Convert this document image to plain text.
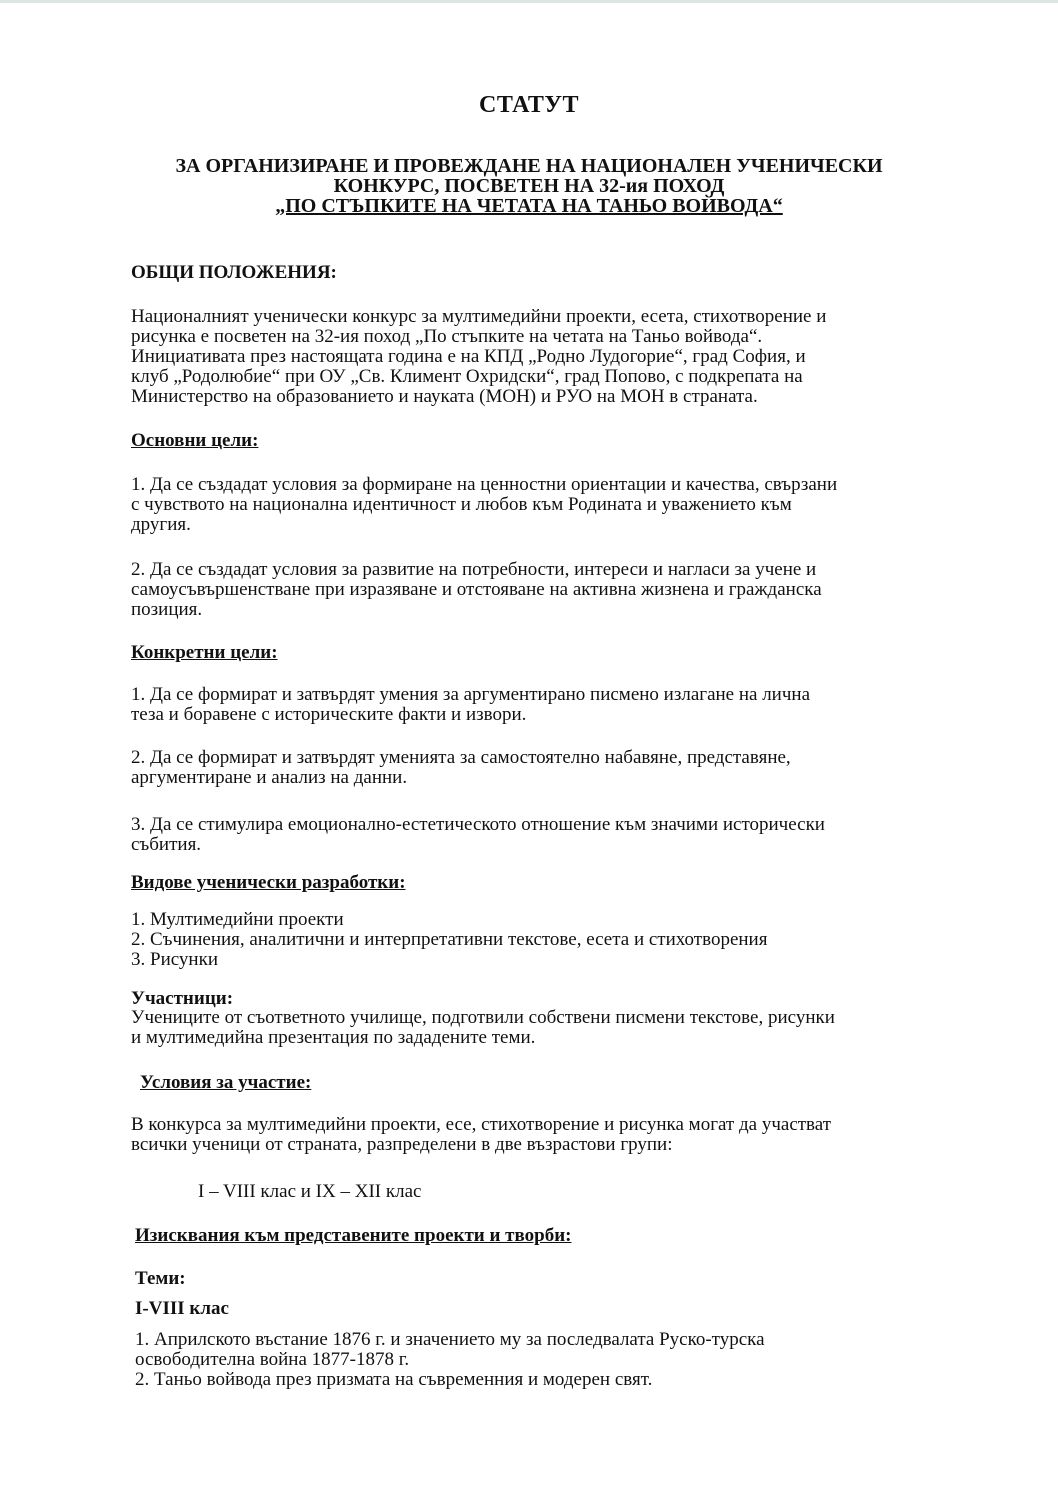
СТАТУТ
ЗА ОРГАНИЗИРАНЕ И ПРОВЕЖДАНЕ НА НАЦИОНАЛЕН УЧЕНИЧЕСКИ
КОНКУРС, ПОСВЕТЕН НА 32-ия ПОХОД
„ПО СТЪПКИТЕ НА ЧЕТАТА НА ТАНЬО ВОЙВОДА“
ОБЩИ ПОЛОЖЕНИЯ:
Националният ученически конкурс за мултимедийни проекти, есета, стихотворение и
рисунка е посветен на 32-ия поход „По стъпките на четата на Таньо войвода“.
Инициативата през настоящата година е на КПД „Родно Лудогорие“, град София, и
клуб „Родолюбие“ при ОУ „Св. Климент Охридски“, град Попово, с подкрепата на
Министерство на образованието и науката (МОН) и РУО на МОН в страната.
Основни цели:
1. Да се създадат условия за формиране на ценностни ориентации и качества, свързани
с чувството на национална идентичност и любов към Родината и уважението към
другия.
2. Да се създадат условия за развитие на потребности, интереси и нагласи за учене и
самоусъвършенстване при изразяване и отстояване на активна жизнена и гражданска
позиция.
Конкретни цели:
1. Да се формират и затвърдят умения за аргументирано писмено излагане на лична
теза и боравене с историческите факти и извори.
2. Да се формират и затвърдят уменията за самостоятелно набавяне, представяне,
аргументиране и анализ на данни.
3. Да се стимулира емоционално-естетическото отношение към значими исторически
събития.
Видове ученически разработки:
1. Мултимедийни проекти
2. Съчинения, аналитични и интерпретативни текстове, есета и стихотворения
3. Рисунки
Участници:
Учениците от съответното училище, подготвили собствени писмени текстове, рисунки
и мултимедийна презентация по зададените теми.
Условия за участие:
В конкурса за мултимедийни проекти, есе, стихотворение и рисунка могат да участват
всички ученици от страната, разпределени в две възрастови групи:
I – VIII клас и IX – XII клас
Изисквания към представените проекти и творби:
Теми:
I-VIII клас
1. Априлското въстание 1876 г. и значението му за последвалата Руско-турска
освободителна война 1877-1878 г.
2. Таньо войвода през призмата на съвременния и модерен свят.
